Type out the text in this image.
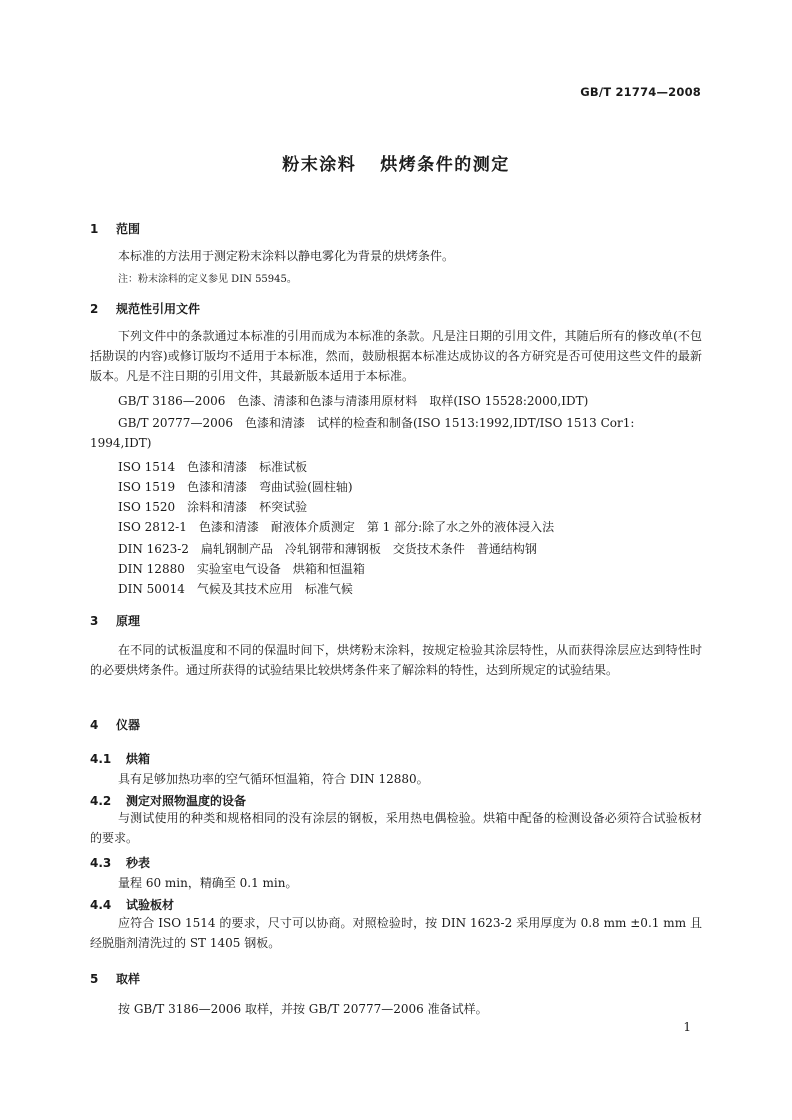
GB/T 21774—2008
粉末涂料 烘烤条件的测定
1 范围
本标准的方法用于测定粉末涂料以静电雾化为背景的烘烤条件。
注：粉末涂料的定义参见 DIN 55945。
2 规范性引用文件
下列文件中的条款通过本标准的引用而成为本标准的条款。凡是注日期的引用文件，其随后所有的修改单(不包括勘误的内容)或修订版均不适用于本标准，然而，鼓励根据本标准达成协议的各方研究是否可使用这些文件的最新版本。凡是不注日期的引用文件，其最新版本适用于本标准。
GB/T 3186—2006　 色漆、清漆和色漆与清漆用原材料　取样(ISO 15528:2000,IDT)
GB/T 20777—2006　 色漆和清漆　试样的检查和制备(ISO 1513:1992,IDT/ISO 1513 Cor1:
1994,IDT)
ISO 1514　 色漆和清漆　标准试板
ISO 1519　 色漆和清漆　弯曲试验(圆柱轴)
ISO 1520　 涂料和清漆　杯突试验
ISO 2812-1　 色漆和清漆　耐液体介质测定　第 1 部分:除了水之外的液体浸入法
DIN 1623-2　 扁轧钢制产品　冷轧钢带和薄钢板　交货技术条件　普通结构钢
DIN 12880　 实验室电气设备　烘箱和恒温箱
DIN 50014　 气候及其技术应用　标准气候
3 原理
在不同的试板温度和不同的保温时间下，烘烤粉末涂料，按规定检验其涂层特性，从而获得涂层应达到特性时的必要烘烤条件。通过所获得的试验结果比较烘烤条件来了解涂料的特性，达到所规定的试验结果。
4 仪器
4.1 烘箱
具有足够加热功率的空气循环恒温箱，符合 DIN 12880。
4.2 测定对照物温度的设备
与测试使用的种类和规格相同的没有涂层的钢板，采用热电偶检验。烘箱中配备的检测设备必须符合试验板材的要求。
4.3 秒表
量程 60 min，精确至 0.1 min。
4.4 试验板材
应符合 ISO 1514 的要求，尺寸可以协商。对照检验时，按 DIN 1623-2 采用厚度为 0.8 mm ±0.1 mm 且经脱脂剂清洗过的 ST 1405 钢板。
5 取样
按 GB/T 3186—2006 取样，并按 GB/T 20777—2006 准备试样。
1
